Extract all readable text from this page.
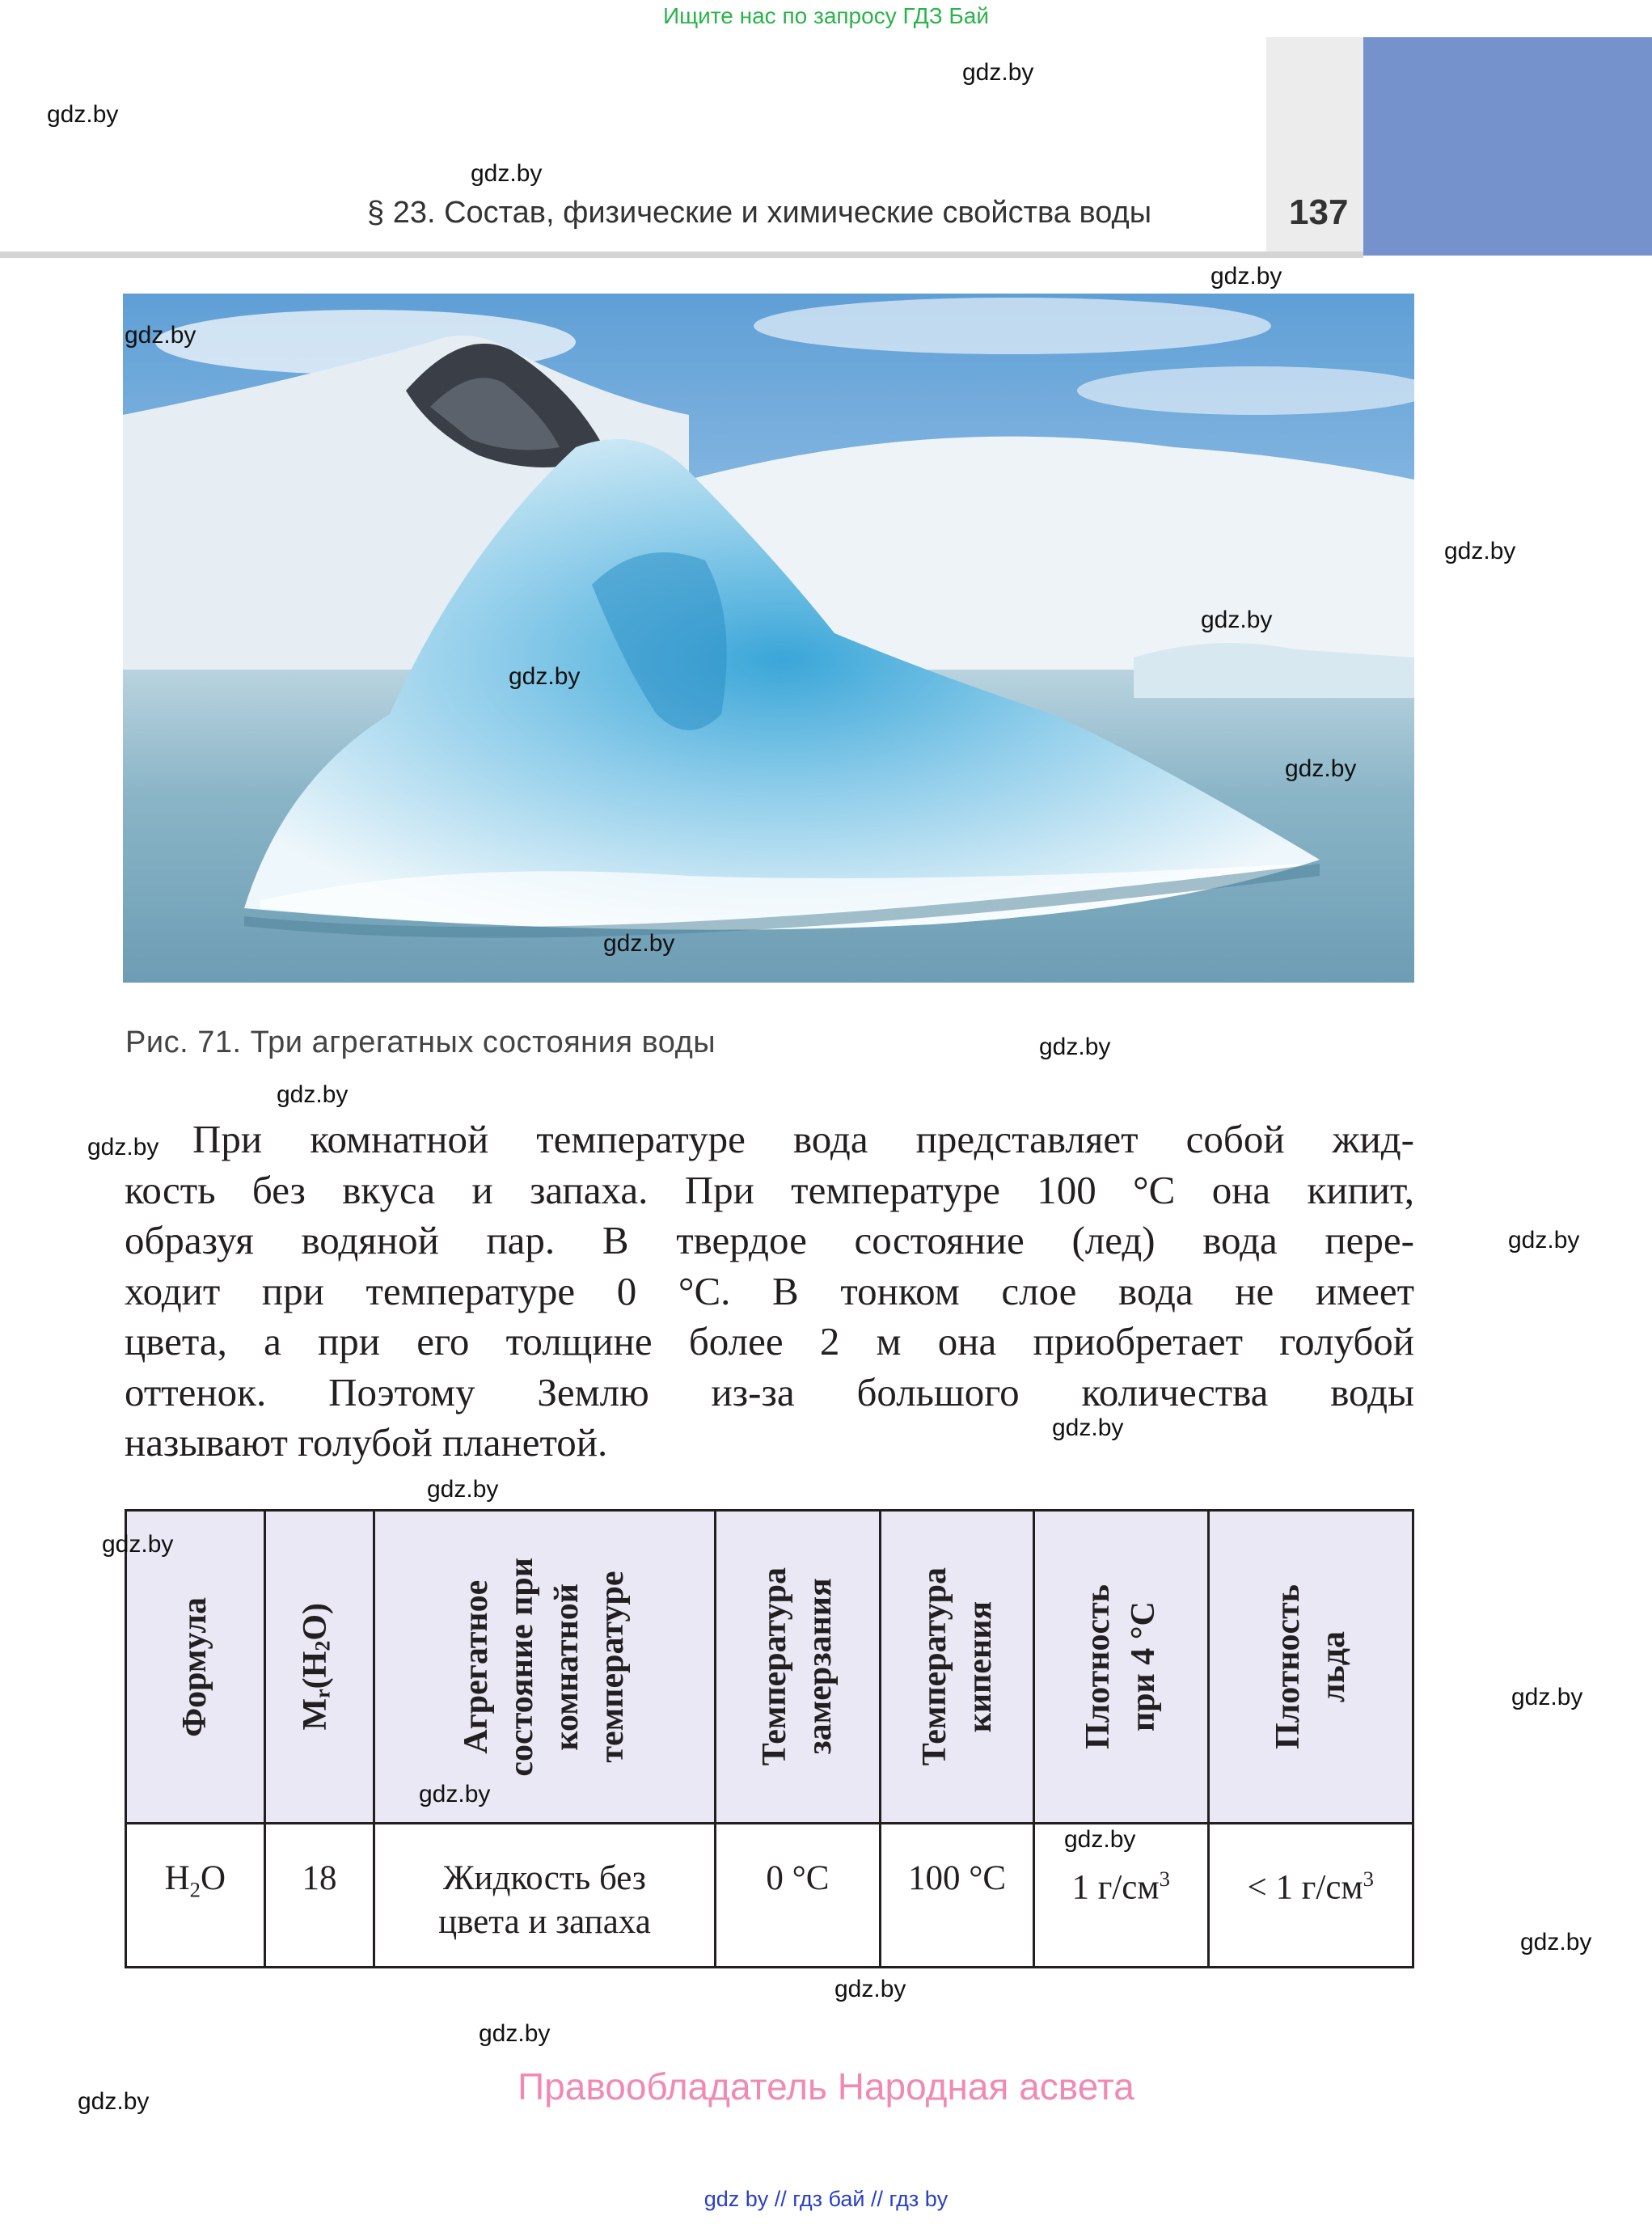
Ищите нас по запросу ГДЗ Бай
§ 23. Состав, физические и химические свойства воды	137
Рис. 71. Три агрегатных состояния воды
При комнатной температуре вода представляет собой жид-
кость без вкуса и запаха. При температуре 100 °С она кипит,
образуя водяной пар. В твердое состояние (лед) вода пере-
ходит при температуре 0 °С. В тонком слое вода не имеет
цвета, а при его толщине более 2 м она приобретает голубой
оттенок. Поэтому Землю из-за большого количества воды
называют голубой планетой.
Формула	$M_r(H_2O)$	Агрегатное состояние при комнатной температуре	Температура замерзания	Температура кипения	Плотность при 4 °С	Плотность льда

$H_2O$	18	Жидкость без
цвета и запаха	0 °С	100 °С	1 $г/см^3$	< 1 $г/см^3$
gdz.by
gdz.by
gdz.by
gdz.by
gdz.by
gdz.by
gdz.by
gdz.by
gdz.by
gdz.by
gdz.by
gdz.by
gdz.by
gdz.by
gdz.by
gdz.by
gdz.by
gdz.by
gdz.by
gdz.by
gdz.by
gdz.by
gdz.by
gdz.by	Правообладатель Народная асвета
gdz by // гдз бай // гдз by
